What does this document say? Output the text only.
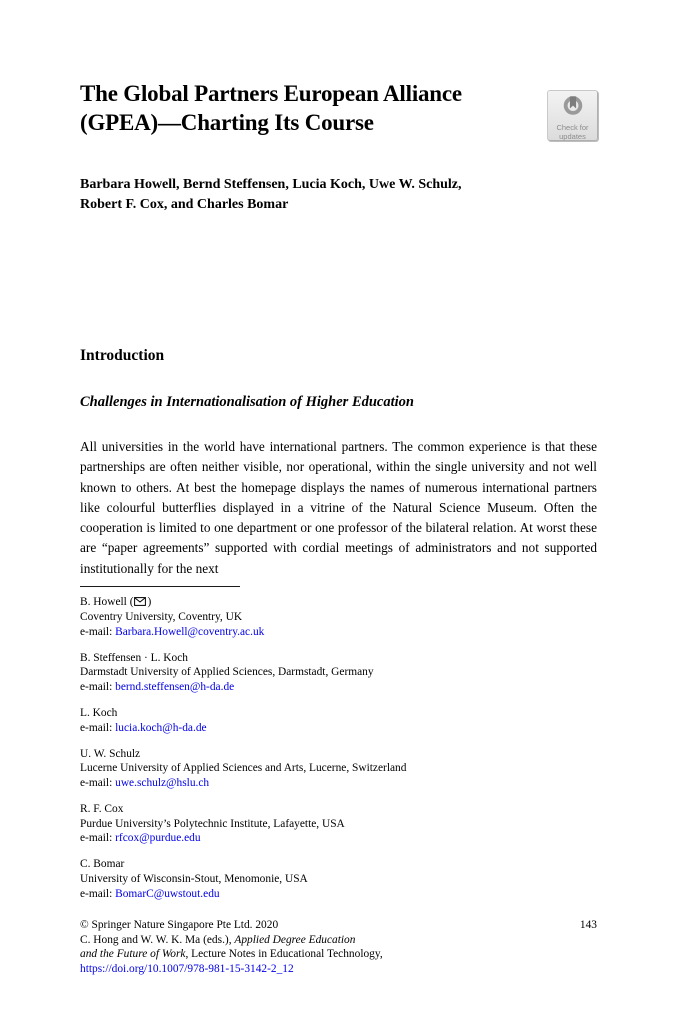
The Global Partners European Alliance
(GPEA)—Charting Its Course	Check for
updates
Barbara Howell, Bernd Steffensen, Lucia Koch, Uwe W. Schulz,
Robert F. Cox, and Charles Bomar
Introduction
Challenges in Internationalisation of Higher Education

All universities in the world have international partners. The common experience is that these partnerships are often neither visible, nor operational, within the single university and not well known to others. At best the homepage displays the names of numerous international partners like colourful butterflies displayed in a vitrine of the Natural Science Museum. Often the cooperation is limited to one department or one professor of the bilateral relation. At worst these are “paper agreements” supported with cordial meetings of administrators and not supported institutionally for the next

B. Howell ( )
Coventry University, Coventry, UK
e-mail: Barbara.Howell@coventry.ac.uk
B. Steffensen · L. Koch
Darmstadt University of Applied Sciences, Darmstadt, Germany
e-mail: bernd.steffensen@h-da.de
L. Koch
e-mail: lucia.koch@h-da.de
U. W. Schulz
Lucerne University of Applied Sciences and Arts, Lucerne, Switzerland
e-mail: uwe.schulz@hslu.ch
R. F. Cox
Purdue University’s Polytechnic Institute, Lafayette, USA
e-mail: rfcox@purdue.edu
C. Bomar
University of Wisconsin-Stout, Menomonie, USA
e-mail: BomarC@uwstout.edu
© Springer Nature Singapore Pte Ltd. 2020	143
C. Hong and W. W. K. Ma (eds.), Applied Degree Education
and the Future of Work, Lecture Notes in Educational Technology,
https://doi.org/10.1007/978-981-15-3142-2_12
